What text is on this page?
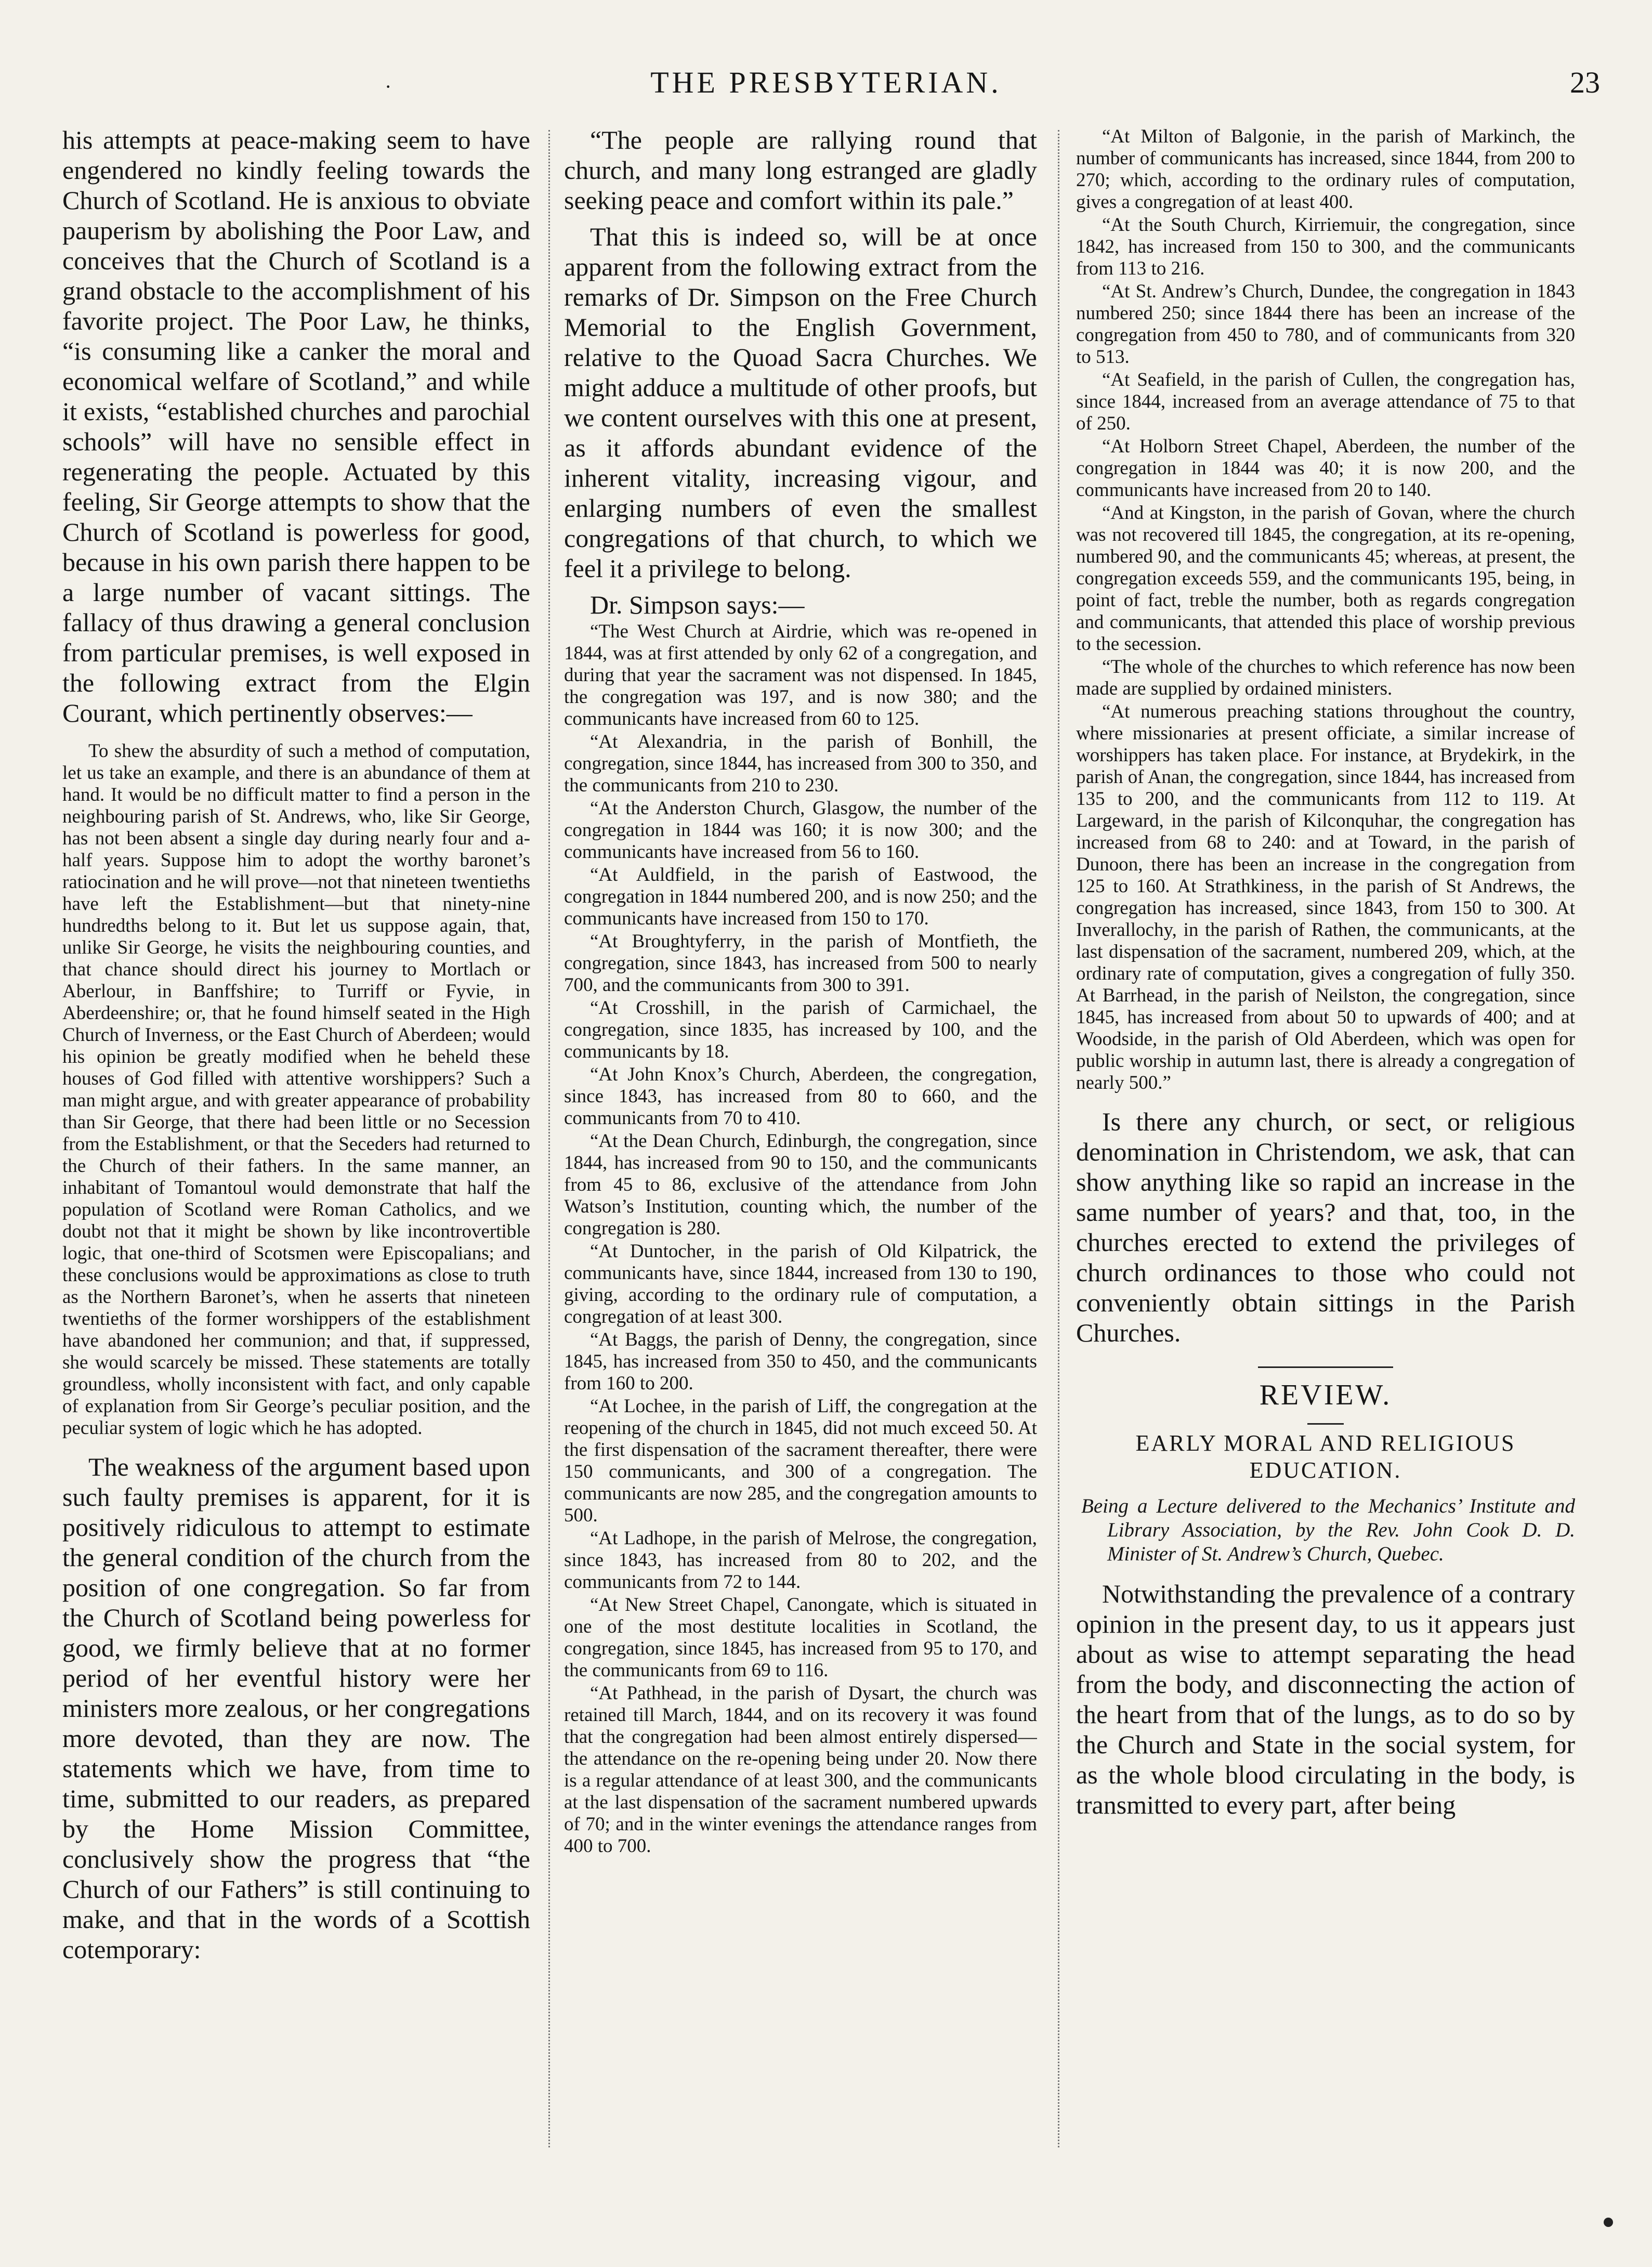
·	THE PRESBYTERIAN.	23

his attempts at peace-making seem to have engendered no kindly feeling towards the Church of Scotland. He is anxious to obviate pauperism by abolishing the Poor Law, and conceives that the Church of Scotland is a grand obstacle to the accomplishment of his favorite project. The Poor Law, he thinks, “is consuming like a canker the moral and economical welfare of Scotland,” and while it exists, “established churches and parochial schools” will have no sensible effect in regenerating the people. Actuated by this feeling, Sir George attempts to show that the Church of Scotland is powerless for good, because in his own parish there happen to be a large number of vacant sittings. The fallacy of thus drawing a general conclusion from particular premises, is well exposed in the following extract from the Elgin Courant, which pertinently observes:—

To shew the absurdity of such a method of computation, let us take an example, and there is an abundance of them at hand. It would be no difficult matter to find a person in the neighbouring parish of St. Andrews, who, like Sir George, has not been absent a single day during nearly four and a-half years. Suppose him to adopt the worthy baronet’s ratiocination and he will prove—not that nineteen twentieths have left the Establishment—but that ninety-nine hundredths belong to it. But let us suppose again, that, unlike Sir George, he visits the neighbouring counties, and that chance should direct his journey to Mortlach or Aberlour, in Banffshire; to Turriff or Fyvie, in Aberdeenshire; or, that he found himself seated in the High Church of Inverness, or the East Church of Aberdeen; would his opinion be greatly modified when he beheld these houses of God filled with attentive worshippers? Such a man might argue, and with greater appearance of probability than Sir George, that there had been little or no Secession from the Establishment, or that the Seceders had returned to the Church of their fathers. In the same manner, an inhabitant of Tomantoul would demonstrate that half the population of Scotland were Roman Catholics, and we doubt not that it might be shown by like incontrovertible logic, that one-third of Scotsmen were Episcopalians; and these conclusions would be approximations as close to truth as the Northern Baronet’s, when he asserts that nineteen twentieths of the former worshippers of the establishment have abandoned her communion; and that, if suppressed, she would scarcely be missed. These statements are totally groundless, wholly inconsistent with fact, and only capable of explanation from Sir George’s peculiar position, and the peculiar system of logic which he has adopted.

The weakness of the argument based upon such faulty premises is apparent, for it is positively ridiculous to attempt to estimate the general condition of the church from the position of one congregation. So far from the Church of Scotland being powerless for good, we firmly believe that at no former period of her eventful history were her ministers more zealous, or her congregations more devoted, than they are now. The statements which we have, from time to time, submitted to our readers, as prepared by the Home Mission Committee, conclusively show the progress that “the Church of our Fathers” is still continuing to make, and that in the words of a Scottish cotemporary:

“The people are rallying round that church, and many long estranged are gladly seeking peace and comfort within its pale.”

That this is indeed so, will be at once apparent from the following extract from the remarks of Dr. Simpson on the Free Church Memorial to the English Government, relative to the Quoad Sacra Churches. We might adduce a multitude of other proofs, but we content ourselves with this one at present, as it affords abundant evidence of the inherent vitality, increasing vigour, and enlarging numbers of even the smallest congregations of that church, to which we feel it a privilege to belong.

Dr. Simpson says:—

“The West Church at Airdrie, which was re-opened in 1844, was at first attended by only 62 of a congregation, and during that year the sacrament was not dispensed. In 1845, the congregation was 197, and is now 380; and the communicants have increased from 60 to 125.

“At Alexandria, in the parish of Bonhill, the congregation, since 1844, has increased from 300 to 350, and the communicants from 210 to 230.

“At the Anderston Church, Glasgow, the number of the congregation in 1844 was 160; it is now 300; and the communicants have increased from 56 to 160.

“At Auldfield, in the parish of Eastwood, the congregation in 1844 numbered 200, and is now 250; and the communicants have increased from 150 to 170.

“At Broughtyferry, in the parish of Montfieth, the congregation, since 1843, has increased from 500 to nearly 700, and the communicants from 300 to 391.

“At Crosshill, in the parish of Carmichael, the congregation, since 1835, has increased by 100, and the communicants by 18.

“At John Knox’s Church, Aberdeen, the congregation, since 1843, has increased from 80 to 660, and the communicants from 70 to 410.

“At the Dean Church, Edinburgh, the congregation, since 1844, has increased from 90 to 150, and the communicants from 45 to 86, exclusive of the attendance from John Watson’s Institution, counting which, the number of the congregation is 280.

“At Duntocher, in the parish of Old Kilpatrick, the communicants have, since 1844, increased from 130 to 190, giving, according to the ordinary rule of computation, a congregation of at least 300.

“At Baggs, the parish of Denny, the congregation, since 1845, has increased from 350 to 450, and the communicants from 160 to 200.

“At Lochee, in the parish of Liff, the congregation at the reopening of the church in 1845, did not much exceed 50. At the first dispensation of the sacrament thereafter, there were 150 communicants, and 300 of a congregation. The communicants are now 285, and the congregation amounts to 500.

“At Ladhope, in the parish of Melrose, the congregation, since 1843, has increased from 80 to 202, and the communicants from 72 to 144.

“At New Street Chapel, Canongate, which is situated in one of the most destitute localities in Scotland, the congregation, since 1845, has increased from 95 to 170, and the communicants from 69 to 116.

“At Pathhead, in the parish of Dysart, the church was retained till March, 1844, and on its recovery it was found that the congregation had been almost entirely dispersed—the attendance on the re-opening being under 20. Now there is a regular attendance of at least 300, and the communicants at the last dispensation of the sacrament numbered upwards of 70; and in the winter evenings the attendance ranges from 400 to 700.

“At Milton of Balgonie, in the parish of Markinch, the number of communicants has increased, since 1844, from 200 to 270; which, according to the ordinary rules of computation, gives a congregation of at least 400.

“At the South Church, Kirriemuir, the congregation, since 1842, has increased from 150 to 300, and the communicants from 113 to 216.

“At St. Andrew’s Church, Dundee, the congregation in 1843 numbered 250; since 1844 there has been an increase of the congregation from 450 to 780, and of communicants from 320 to 513.

“At Seafield, in the parish of Cullen, the congregation has, since 1844, increased from an average attendance of 75 to that of 250.

“At Holborn Street Chapel, Aberdeen, the number of the congregation in 1844 was 40; it is now 200, and the communicants have increased from 20 to 140.

“And at Kingston, in the parish of Govan, where the church was not recovered till 1845, the congregation, at its re-opening, numbered 90, and the communicants 45; whereas, at present, the congregation exceeds 559, and the communicants 195, being, in point of fact, treble the number, both as regards congregation and communicants, that attended this place of worship previous to the secession.

“The whole of the churches to which reference has now been made are supplied by ordained ministers.

“At numerous preaching stations throughout the country, where missionaries at present officiate, a similar increase of worshippers has taken place. For instance, at Brydekirk, in the parish of Anan, the congregation, since 1844, has increased from 135 to 200, and the communicants from 112 to 119. At Largeward, in the parish of Kilconquhar, the congregation has increased from 68 to 240: and at Toward, in the parish of Dunoon, there has been an increase in the congregation from 125 to 160. At Strathkiness, in the parish of St Andrews, the congregation has increased, since 1843, from 150 to 300. At Inverallochy, in the parish of Rathen, the communicants, at the last dispensation of the sacrament, numbered 209, which, at the ordinary rate of computation, gives a congregation of fully 350. At Barrhead, in the parish of Neilston, the congregation, since 1845, has increased from about 50 to upwards of 400; and at Woodside, in the parish of Old Aberdeen, which was open for public worship in autumn last, there is already a congregation of nearly 500.”

Is there any church, or sect, or religious denomination in Christendom, we ask, that can show anything like so rapid an increase in the same number of years? and that, too, in the churches erected to extend the privileges of church ordinances to those who could not conveniently obtain sittings in the Parish Churches.

REVIEW.

EARLY MORAL AND RELIGIOUS EDUCATION.

Being a Lecture delivered to the Mechanics’ Institute and Library Association, by the Rev. John Cook D. D. Minister of St. Andrew’s Church, Quebec.

Notwithstanding the prevalence of a contrary opinion in the present day, to us it appears just about as wise to attempt separating the head from the body, and disconnecting the action of the heart from that of the lungs, as to do so by the Church and State in the social system, for as the whole blood circulating in the body, is transmitted to every part, after being
